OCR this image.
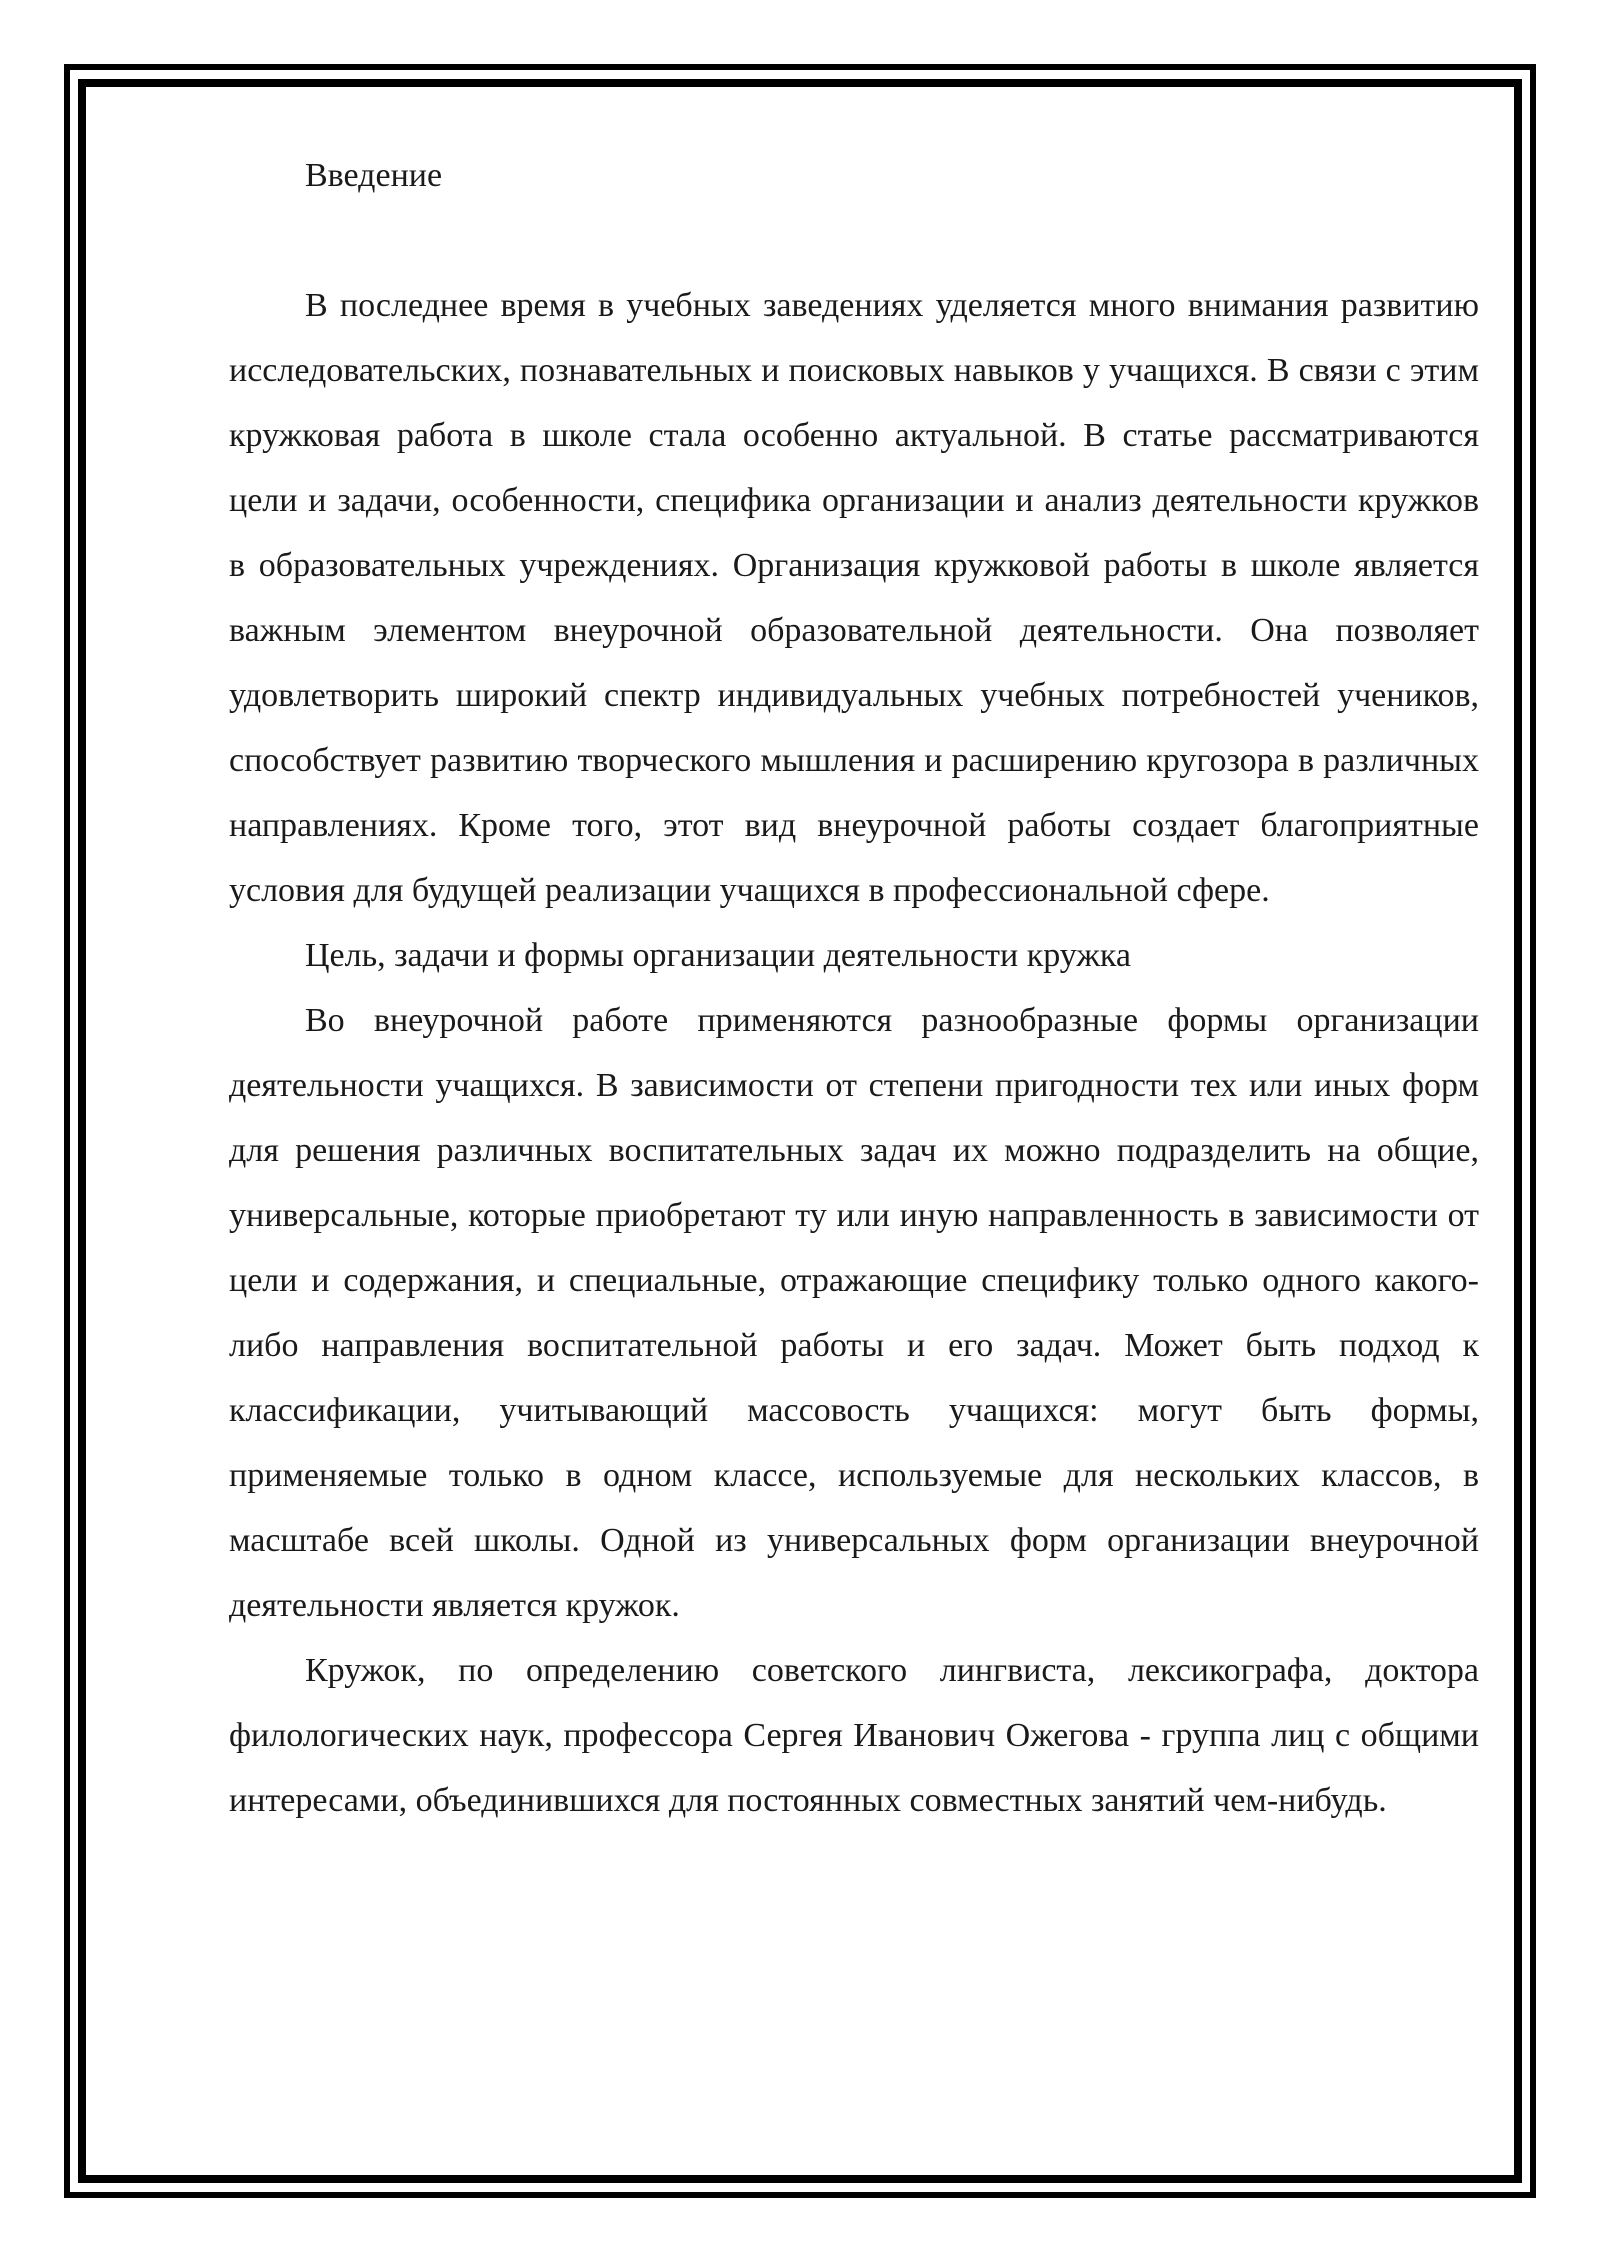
Введение

В последнее время в учебных заведениях уделяется много внимания развитию исследовательских, познавательных и поисковых навыков у учащихся. В связи с этим кружковая работа в школе стала особенно актуальной. В статье рассматриваются цели и задачи, особенности, специфика организации и анализ деятельности кружков в образовательных учреждениях. Организация кружковой работы в школе является важным элементом внеурочной образовательной деятельности. Она позволяет удовлетворить широкий спектр индивидуальных учебных потребностей учеников, способствует развитию творческого мышления и расширению кругозора в различных направлениях. Кроме того, этот вид внеурочной работы создает благоприятные условия для будущей реализации учащихся в профессиональной сфере.

Цель, задачи и формы организации деятельности кружка

Во внеурочной работе применяются разнообразные формы организации деятельности учащихся. В зависимости от степени пригодности тех или иных форм для решения различных воспитательных задач их можно подразделить на общие, универсальные, которые приобретают ту или иную направленность в зависимости от цели и содержания, и специальные, отражающие специфику только одного какого-либо направления воспитательной работы и его задач. Может быть подход к классификации, учитывающий массовость учащихся: могут быть формы, применяемые только в одном классе, используемые для нескольких классов, в масштабе всей школы. Одной из универсальных форм организации внеурочной деятельности является кружок.

Кружок, по определению советского лингвиста, лексикографа, доктора филологических наук, профессора Сергея Иванович Ожегова - группа лиц с общими интересами, объединившихся для постоянных совместных занятий чем-нибудь.
